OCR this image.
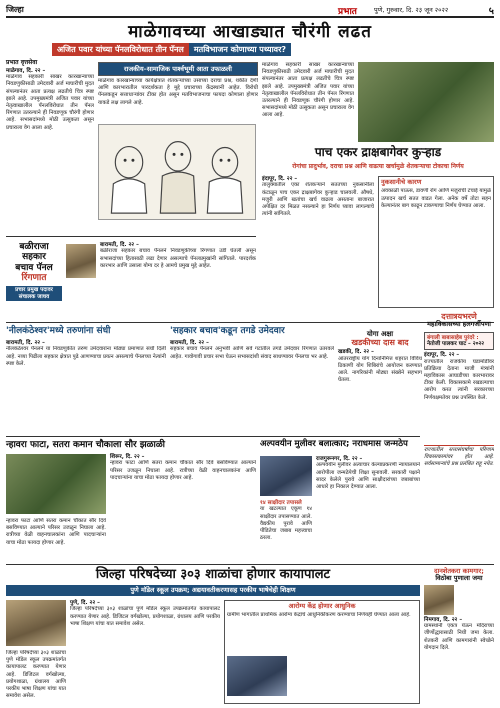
जिल्हा	प्रभात	पुणे, गुरुवार, दि. २३ जून २०२२	५
माळेगावच्या आखाड्यात चौरंगी लढत
अजित पवार यांच्या पॅनलविरोधात तीन पॅनल मतविभाजन कोणाच्या पथ्यावर?
प्रभात वृत्तसेवा
माळेगाव, दि. २२ –
माळेगाव सहकारी साखर कारखान्याच्या निवडणुकीसाठी उमेदवारी अर्ज माघारीची मुदत संपल्यानंतर आता प्रत्यक्ष लढतीचे चित्र स्पष्ट झाले आहे. उपमुख्यमंत्री अजित पवार यांच्या नेतृत्वाखालील पॅनलविरोधात तीन पॅनल रिंगणात उतरल्याने ही निवडणूक चौरंगी होणार आहे. सभासदांमध्ये मोठी उत्सुकता असून प्रचाराला वेग आला आहे.
राजकीय–सामाजिक पार्श्वभूमी आता उफाळली
माळेगाव कारखान्याच्या कार्यक्षेत्रात शेतकऱ्यांच्या उसाच्या दराचा प्रश्न, थकीत देणी आणि कारभारातील पारदर्शकता हे मुद्दे प्रचाराच्या केंद्रस्थानी आहेत. विरोधी पॅनलकडून सत्ताधाऱ्यांवर टीका होत असून मतविभाजनाचा फायदा कोणाला होणार याकडे लक्ष लागले आहे.
माळेगाव सहकारी साखर कारखान्याच्या निवडणुकीसाठी उमेदवारी अर्ज माघारीची मुदत संपल्यानंतर आता प्रत्यक्ष लढतीचे चित्र स्पष्ट झाले आहे. उपमुख्यमंत्री अजित पवार यांच्या नेतृत्वाखालील पॅनलविरोधात तीन पॅनल रिंगणात उतरल्याने ही निवडणूक चौरंगी होणार आहे. सभासदांमध्ये मोठी उत्सुकता असून प्रचाराला वेग आला आहे.
पाच एकर द्राक्षबागेवर कुऱ्हाड
रोगांचा प्रादुर्भाव, दराचा प्रश्न आणि वाढत्या खर्चामुळे शेतकऱ्याचा टोकाचा निर्णय
इंदापूर, दि. २२ –
तालुक्यातील एका शेतकऱ्याने सततच्या नुकसानीला कंटाळून पाच एकर द्राक्षबागेवर कुऱ्हाड चालवली. औषधे, मजुरी आणि खतांचा खर्च वाढला असताना बाजारात अपेक्षित दर मिळत नसल्याने हा निर्णय घ्यावा लागल्याचे त्यांनी सांगितले.
नुकसानीचे कारण
अवकाळी पाऊस, डावणी रोग आणि मजुरांची टंचाई यामुळे उत्पादन खर्च सतत वाढत गेला. अनेक वर्षे तोटा सहन केल्यानंतर बाग काढून टाकण्याचा निर्णय घेण्यात आला.
बळीराजा
सहकार
बचाव पॅनल
रिंगणात
प्रचार प्रमुख पदावर संचालक जाधव
बारामती, दि. २२ –
बळीराजा सहकार बचाव पॅनलने निवडणुकीच्या रिंगणात उडी घेतली असून सभासदांच्या हितासाठी लढा देणार असल्याचे पॅनलप्रमुखांनी सांगितले. पारदर्शक कारभार आणि उसाला योग्य दर हे आमचे प्रमुख मुद्दे आहेत.
'नीलकंठेश्वर'मध्ये तरुणांना संधी
बारामती, दि. २२ –
नीलकंठेश्वर पॅनलने या निवडणुकीत तरुण उमेदवारांना मोठ्या प्रमाणात संधी दिली आहे. नव्या पिढीला सहकार क्षेत्रात पुढे आणण्याचा प्रयत्न असल्याचे पॅनलच्या नेत्यांनी स्पष्ट केले.
'सहकार बचाव'कडून तगडे उमेदवार
बारामती, दि. २२ –
सहकार बचाव पॅनलने अनुभवी आणि सर्व गटांतील तगडे उमेदवार रिंगणात उतरवले आहेत. गावोगावी प्रचार सभा घेऊन सभासदांशी संवाद साधण्यावर पॅनलचा भर आहे.
योगा अक्षा
खडकीच्या दास बाद
खडकी, दि. २२ –
आंतरराष्ट्रीय योग दिनानिमित्त शहरात विविध ठिकाणी योग शिबिरांचे आयोजन करण्यात आले. नागरिकांनी मोठ्या संख्येने सहभाग घेतला.
दत्तात्रयभरणे
महाविकासच्या हलगर्जीपणा
बंगाली बाबासाहेब पुरंदरे :
नेतोजी पालकर घाट – २०२२
इंदापूर, दि. २२ –
राज्यातील राजकीय घडामोडींवर प्रतिक्रिया देताना माजी मंत्र्यांनी महाविकास आघाडीच्या कारभारावर टीका केली. विकासकामे रखडल्याचा आरोप करत त्यांनी सरकारच्या निर्णयक्षमतेवर प्रश्न उपस्थित केले.
राज्यातील सत्तासंघर्षाचा परिणाम विकासकामांवर होत आहे. सर्वसामान्यांचे प्रश्न प्रलंबित राहू नयेत.
न्हावरा फाटा, सतरा कमान चौकाला सौर झळाळी
शिरूर, दि. २२ –
न्हावरा फाटा आणि सतरा कमान चौकात सौर दिवे बसविण्यात आल्याने परिसर उजळून निघाला आहे. रात्रीच्या वेळी वाहनचालकांना आणि पादचाऱ्यांना याचा मोठा फायदा होणार आहे.
न्हावरा फाटा आणि सतरा कमान चौकात सौर दिवे बसविण्यात आल्याने परिसर उजळून निघाला आहे. रात्रीच्या वेळी वाहनचालकांना आणि पादचाऱ्यांना याचा मोठा फायदा होणार आहे.
अल्पवयीन मुलीवर बलात्कार; नराधमास जन्मठेप
राजगुरूनगर, दि. २२ –
अल्पवयीन मुलीवर अत्याचार केल्याप्रकरणी न्यायालयाने आरोपीला जन्मठेपेची शिक्षा सुनावली. सरकारी पक्षाने सादर केलेले पुरावे आणि साक्षीदारांच्या जबाबांच्या आधारे हा निकाल देण्यात आला.
१४ साक्षीदार तपासले
या खटल्यात एकूण १४ साक्षीदार तपासण्यात आले. वैद्यकीय पुरावे आणि पीडितेचा जबाब महत्त्वाचा ठरला.
जिल्हा परिषदेच्या ३०३ शाळांचा होणार कायापालट
पुणे मॉडेल स्कूल उपक्रम; अद्ययावतीकरणासह परकीय भाषेचेही शिक्षण
पुणे, दि. २२ –
जिल्हा परिषदेच्या ३०३ शाळांचा पुणे मॉडेल स्कूल उपक्रमांतर्गत कायापालट करण्यात येणार आहे. डिजिटल वर्गखोल्या, प्रयोगशाळा, ग्रंथालय आणि परकीय भाषा शिक्षण यांचा यात समावेश असेल.
जिल्हा परिषदेच्या ३०३ शाळांचा पुणे मॉडेल स्कूल उपक्रमांतर्गत कायापालट करण्यात येणार आहे. डिजिटल वर्गखोल्या, प्रयोगशाळा, ग्रंथालय आणि परकीय भाषा शिक्षण यांचा यात समावेश असेल.
आरोग्य केंद्र होणार आधुनिक
ग्रामीण भागातील प्राथमिक आरोग्य केंद्रांचे आधुनिकीकरण करण्याचा निर्णयही घेण्यात आला आहे.
दानशेतकरा कामगार;
विठोबा पुणाला जमा
निमगाव, दि. २२ –
ग्रामस्थांनी एकत्र येऊन मंदिराच्या जीर्णोद्धारासाठी निधी जमा केला. शेतकरी आणि कामगारांनी स्वेच्छेने योगदान दिले.
